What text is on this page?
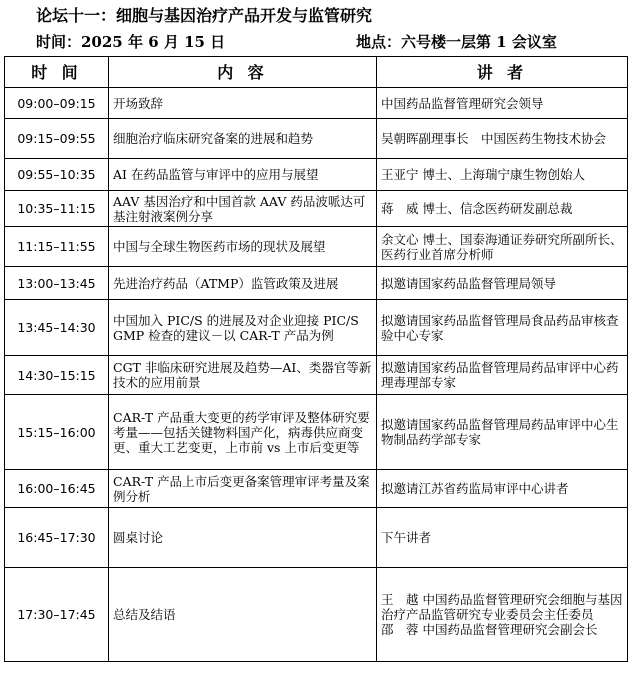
论坛十一：细胞与基因治疗产品开发与监管研究
时间：2025 年 6 月 15 日	地点：六号楼一层第 1 会议室
时间	内容	讲者
09:00–09:15	开场致辞	中国药品监督管理研究会领导
09:15–09:55	细胞治疗临床研究备案的进展和趋势	吴朝晖副理事长　中国医药生物技术协会
09:55–10:35	AI 在药品监管与审评中的应用与展望	王亚宁 博士、上海瑞宁康生物创始人
10:35–11:15	AAV 基因治疗和中国首款 AAV 药品波哌达可基注射液案例分享	蒋　威 博士、信念医药研发副总裁
11:15–11:55	中国与全球生物医药市场的现状及展望	余文心 博士、国泰海通证券研究所副所长、医药行业首席分析师
13:00–13:45	先进治疗药品（ATMP）监管政策及进展	拟邀请国家药品监督管理局领导
13:45–14:30	中国加入 PIC/S 的进展及对企业迎接 PIC/S　GMP 检查的建议－以 CAR-T 产品为例	拟邀请国家药品监督管理局食品药品审核查验中心专家
14:30–15:15	CGT 非临床研究进展及趋势—AI、类器官等新技术的应用前景	拟邀请国家药品监督管理局药品审评中心药理毒理部专家
15:15–16:00	CAR-T 产品重大变更的药学审评及整体研究要考量——包括关键物料国产化，病毒供应商变更、重大工艺变更，上市前 vs 上市后变更等	拟邀请国家药品监督管理局药品审评中心生物制品药学部专家
16:00–16:45	CAR-T 产品上市后变更备案管理审评考量及案例分析	拟邀请江苏省药监局审评中心讲者
16:45–17:30	圆桌讨论	下午讲者
17:30–17:45	总结及结语	王　越 中国药品监督管理研究会细胞与基因治疗产品监管研究专业委员会主任委员
邵　蓉 中国药品监督管理研究会副会长
